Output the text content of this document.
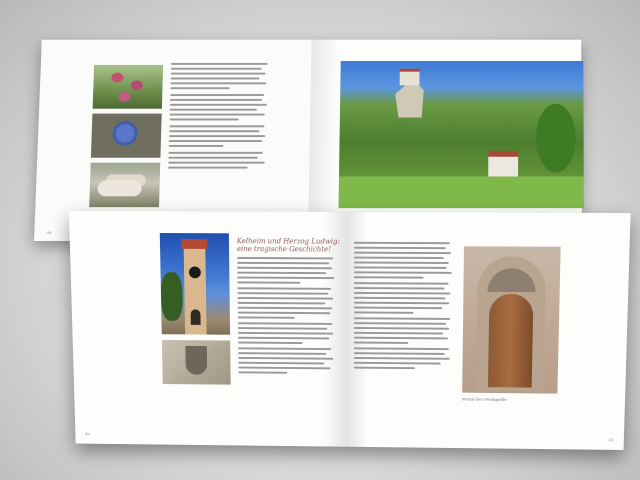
38
Kelheim und Herzog Ludwig: eine tragische Geschichte!
40
Portal der Ottokapelle
41
